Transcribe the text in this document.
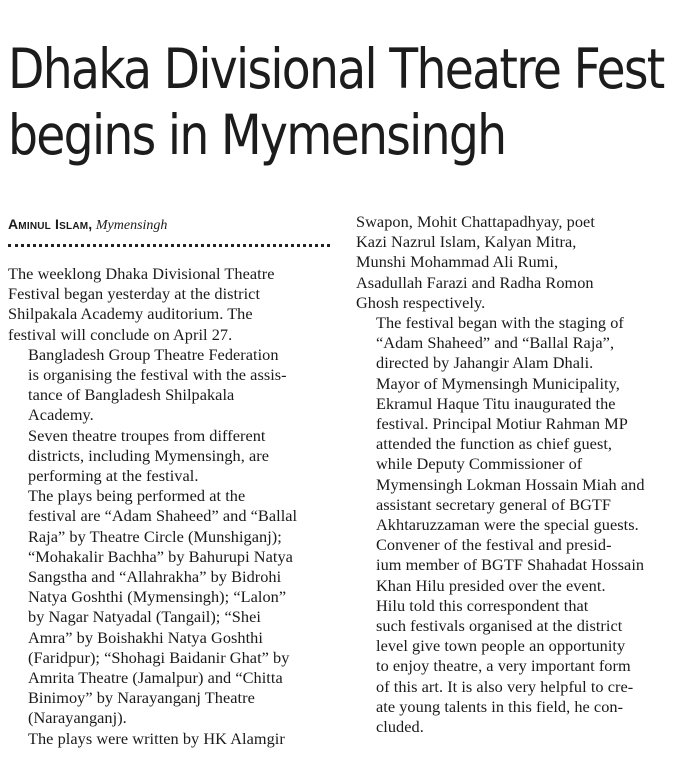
Dhaka Divisional Theatre Fest
begins in Mymensingh
Aminul Islam, Mymensingh

The weeklong Dhaka Divisional Theatre
Festival began yesterday at the district
Shilpakala Academy auditorium. The
festival will conclude on April 27.

Bangladesh Group Theatre Federation
is organising the festival with the assis-
tance of Bangladesh Shilpakala
Academy.

Seven theatre troupes from different
districts, including Mymensingh, are
performing at the festival.

The plays being performed at the
festival are “Adam Shaheed” and “Ballal
Raja” by Theatre Circle (Munshiganj);
“Mohakalir Bachha” by Bahurupi Natya
Sangstha and “Allahrakha” by Bidrohi
Natya Goshthi (Mymensingh); “Lalon”
by Nagar Natyadal (Tangail); “Shei
Amra” by Boishakhi Natya Goshthi
(Faridpur); “Shohagi Baidanir Ghat” by
Amrita Theatre (Jamalpur) and “Chitta
Binimoy” by Narayanganj Theatre
(Narayanganj).

The plays were written by HK Alamgir

Swapon, Mohit Chattapadhyay, poet
Kazi Nazrul Islam, Kalyan Mitra,
Munshi Mohammad Ali Rumi,
Asadullah Farazi and Radha Romon
Ghosh respectively.

The festival began with the staging of
“Adam Shaheed” and “Ballal Raja”,
directed by Jahangir Alam Dhali.

Mayor of Mymensingh Municipality,
Ekramul Haque Titu inaugurated the
festival. Principal Motiur Rahman MP
attended the function as chief guest,
while Deputy Commissioner of
Mymensingh Lokman Hossain Miah and
assistant secretary general of BGTF
Akhtaruzzaman were the special guests.

Convener of the festival and presid-
ium member of BGTF Shahadat Hossain
Khan Hilu presided over the event.

Hilu told this correspondent that
such festivals organised at the district
level give town people an opportunity
to enjoy theatre, a very important form
of this art. It is also very helpful to cre-
ate young talents in this field, he con-
cluded.
